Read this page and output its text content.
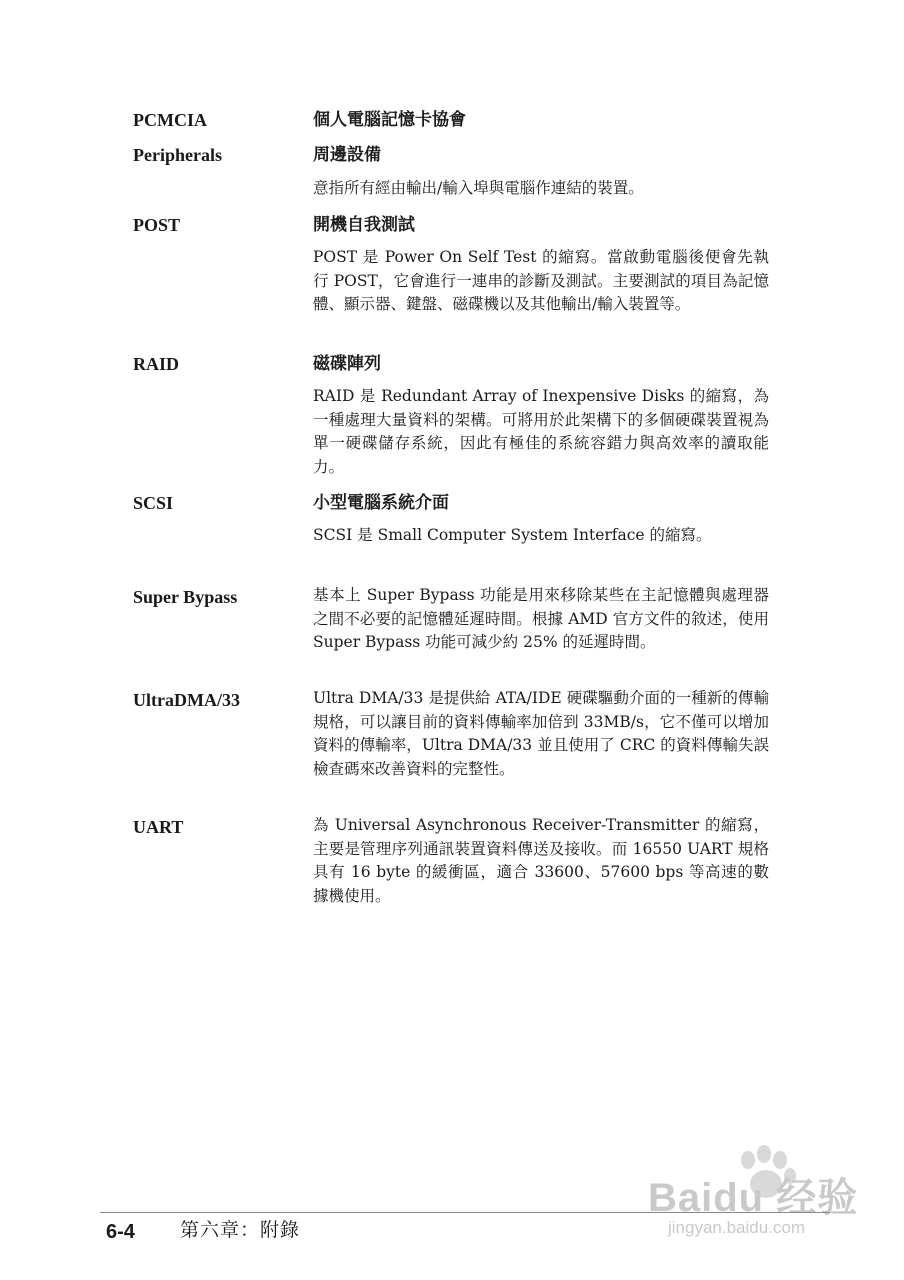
PCMCIA	個人電腦記憶卡協會
Peripherals	周邊設備

意指所有經由輸出/輸入埠與電腦作連結的裝置。

POST	開機自我測試

POST 是 Power On Self Test 的縮寫。當啟動電腦後便會先執行 POST，它會進行一連串的診斷及測試。主要測試的項目為記憶體、顯示器、鍵盤、磁碟機以及其他輸出/輸入裝置等。

RAID	磁碟陣列

RAID 是 Redundant Array of Inexpensive Disks 的縮寫，為一種處理大量資料的架構。可將用於此架構下的多個硬碟裝置視為單一硬碟儲存系統，因此有極佳的系統容錯力與高效率的讀取能力。

SCSI	小型電腦系統介面

SCSI 是 Small Computer System Interface 的縮寫。

Super Bypass	基本上 Super Bypass 功能是用來移除某些在主記憶體與處理器之間不必要的記憶體延遲時間。根據 AMD 官方文件的敘述，使用 Super Bypass 功能可減少約 25% 的延遲時間。

UltraDMA/33	Ultra DMA/33 是提供給 ATA/IDE 硬碟驅動介面的一種新的傳輸規格，可以讓目前的資料傳輸率加倍到 33MB/s，它不僅可以增加資料的傳輸率，Ultra DMA/33 並且使用了 CRC 的資料傳輸失誤檢查碼來改善資料的完整性。

UART	為 Universal Asynchronous Receiver-Transmitter 的縮寫，主要是管理序列通訊裝置資料傳送及接收。而 16550 UART 規格具有 16 byte 的緩衝區，適合 33600、57600 bps 等高速的數據機使用。

Baidu 经验
jingyan.baidu.com
6-4 第六章：附錄
